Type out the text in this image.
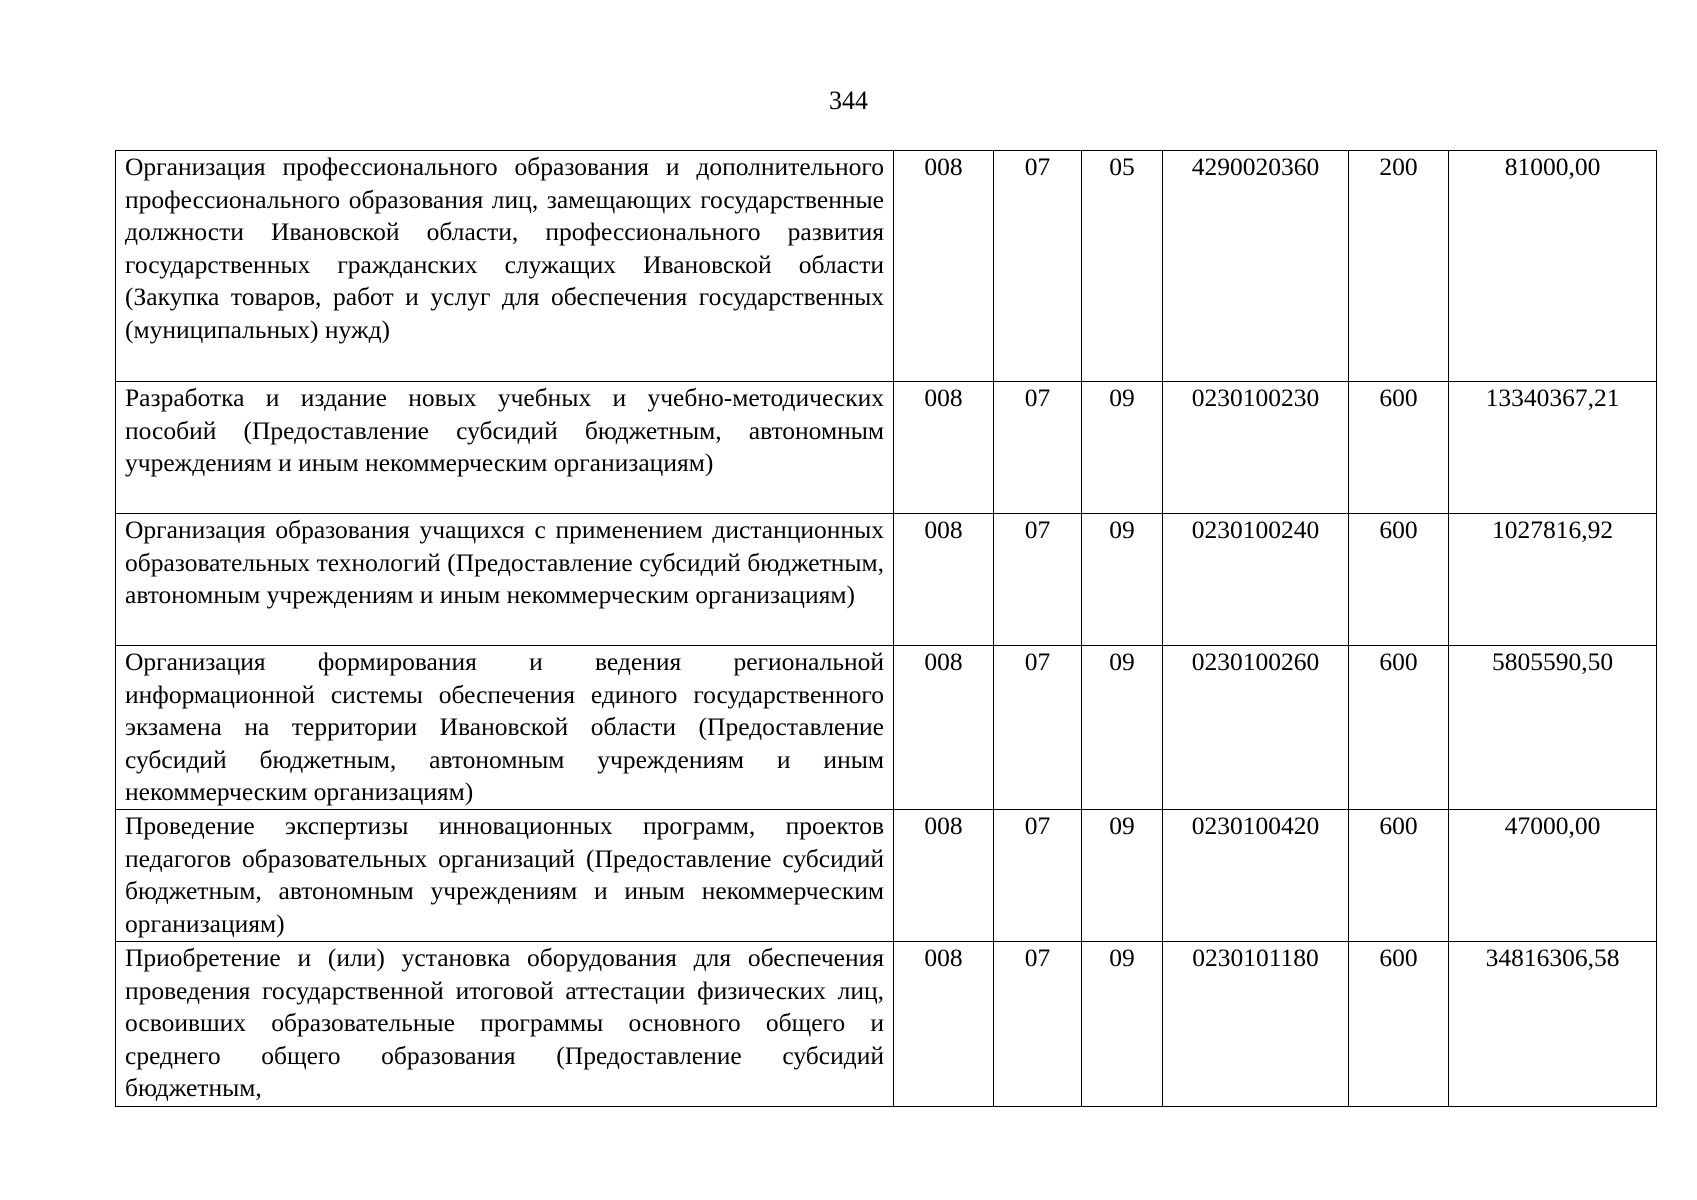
344
Организация профессионального образования и дополнительного профессионального образования лиц, замещающих государственные должности Ивановской области, профессионального развития государственных гражданских служащих Ивановской области (Закупка товаров, работ и услуг для обеспечения государственных (муниципальных) нужд)	008	07	05	4290020360	200	81000,00
Разработка и издание новых учебных и учебно-методических пособий (Предоставление субсидий бюджетным, автономным учреждениям и иным некоммерческим организациям)	008	07	09	0230100230	600	13340367,21
Организация образования учащихся с применением дистанционных образовательных технологий (Предоставление субсидий бюджетным, автономным учреждениям и иным некоммерческим организациям)	008	07	09	0230100240	600	1027816,92
Организация формирования и ведения региональной информационной системы обеспечения единого государственного экзамена на территории Ивановской области (Предоставление субсидий бюджетным, автономным учреждениям и иным некоммерческим организациям)	008	07	09	0230100260	600	5805590,50
Проведение экспертизы инновационных программ, проектов педагогов образовательных организаций (Предоставление субсидий бюджетным, автономным учреждениям и иным некоммерческим организациям)	008	07	09	0230100420	600	47000,00
Приобретение и (или) установка оборудования для обеспечения проведения государственной итоговой аттестации физических лиц, освоивших образовательные программы основного общего и среднего общего образования (Предоставление субсидий бюджетным,	008	07	09	0230101180	600	34816306,58
